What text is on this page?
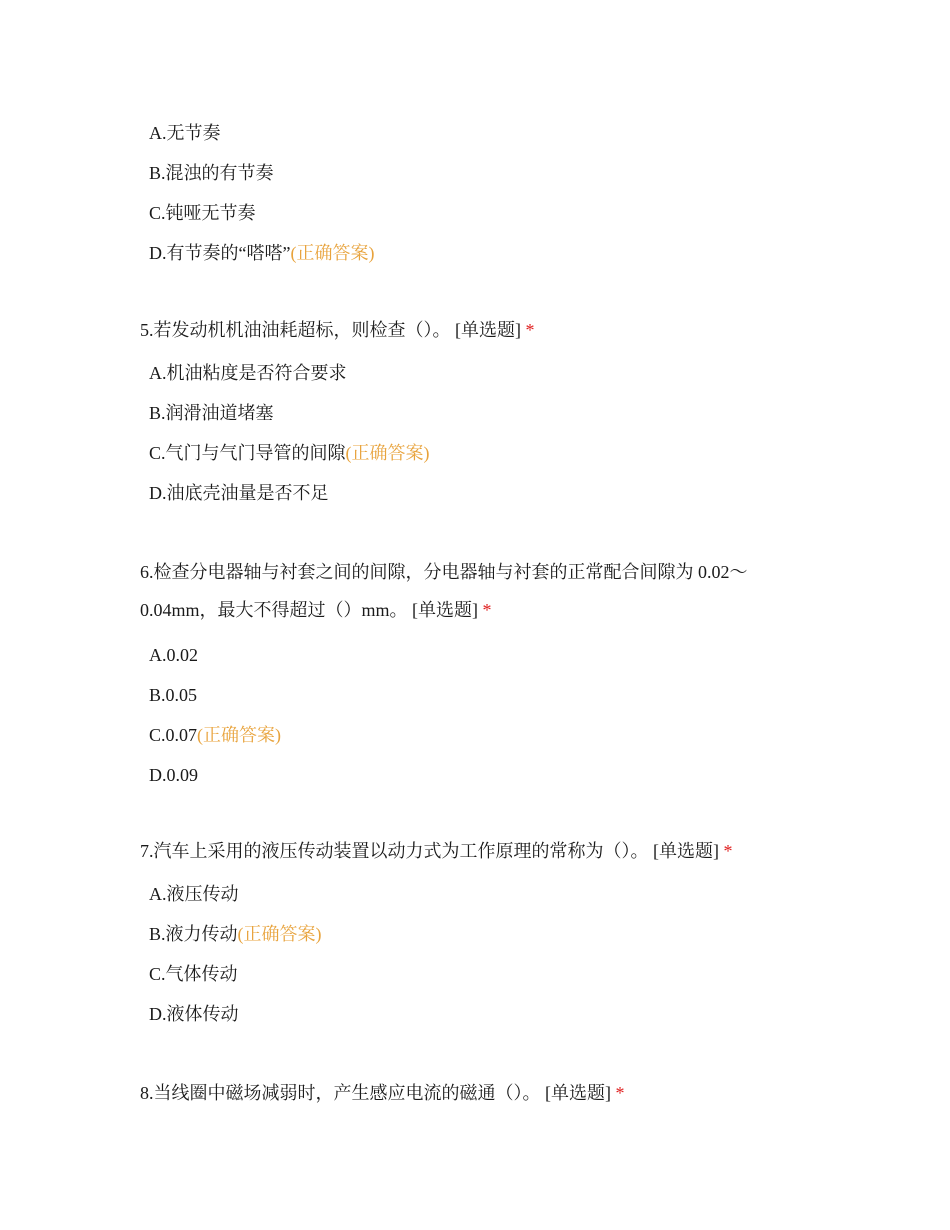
A.无节奏
B.混浊的有节奏
C.钝哑无节奏
D.有节奏的“嗒嗒”(正确答案)
5.若发动机机油油耗超标，则检查（）。 [单选题] *
A.机油粘度是否符合要求
B.润滑油道堵塞
C.气门与气门导管的间隙(正确答案)
D.油底壳油量是否不足
6.检查分电器轴与衬套之间的间隙，分电器轴与衬套的正常配合间隙为 0.02～
0.04mm，最大不得超过（）mm。 [单选题] *
A.0.02
B.0.05
C.0.07(正确答案)
D.0.09
7.汽车上采用的液压传动装置以动力式为工作原理的常称为（）。 [单选题] *
A.液压传动
B.液力传动(正确答案)
C.气体传动
D.液体传动
8.当线圈中磁场减弱时，产生感应电流的磁通（）。 [单选题] *
